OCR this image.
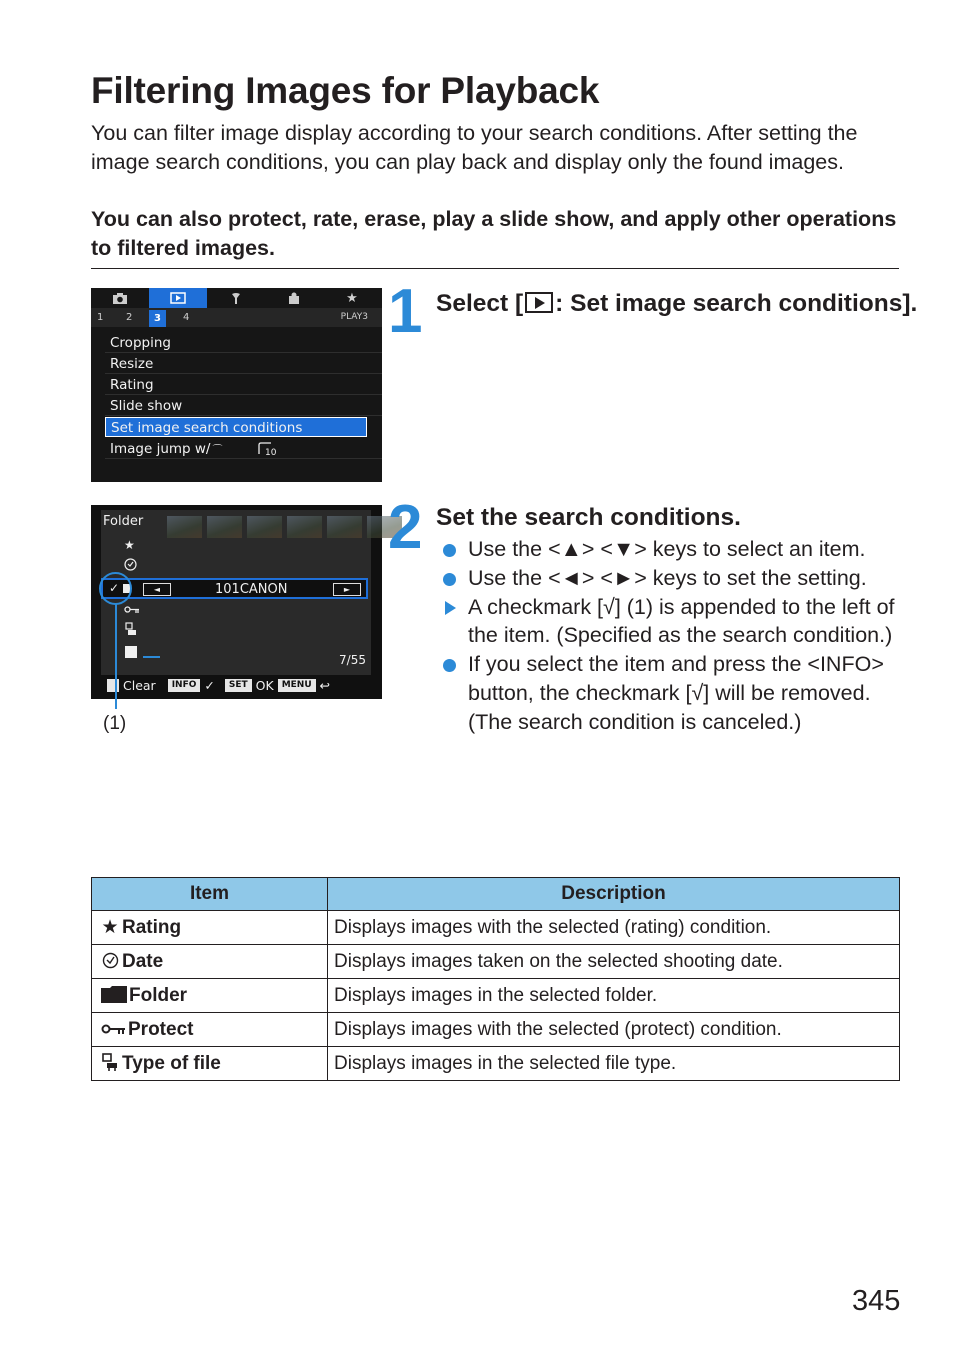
Filtering Images for Playback

You can filter image display according to your search conditions. After setting the image search conditions, you can play back and display only the found images.

You can also protect, rate, erase, play a slide show, and apply other operations to filtered images.

★
1 2	3	4	PLAY3
Cropping
Resize
Rating
Slide show
Set image search conditions
Image jump w/ ⌒	10
Folder
★
✓	◄	101CANON	►
7/55
Clear	INFO ✓	SET OK MENU ↩
(1)
1 Select [ : Set image search conditions].
2 Set the search conditions.
Use the <▲> <▼> keys to select an item.
Use the <◄> <►> keys to set the setting.
A checkmark [√] (1) is appended to the left of the item. (Specified as the search condition.)
If you select the item and press the <INFO> button, the checkmark [√] will be removed. (The search condition is canceled.)
Item	Description
★ Rating	Displays images with the selected (rating) condition.
Date	Displays images taken on the selected shooting date.
Folder	Displays images in the selected folder.
Protect	Displays images with the selected (protect) condition.
Type of file	Displays images in the selected file type.
345
